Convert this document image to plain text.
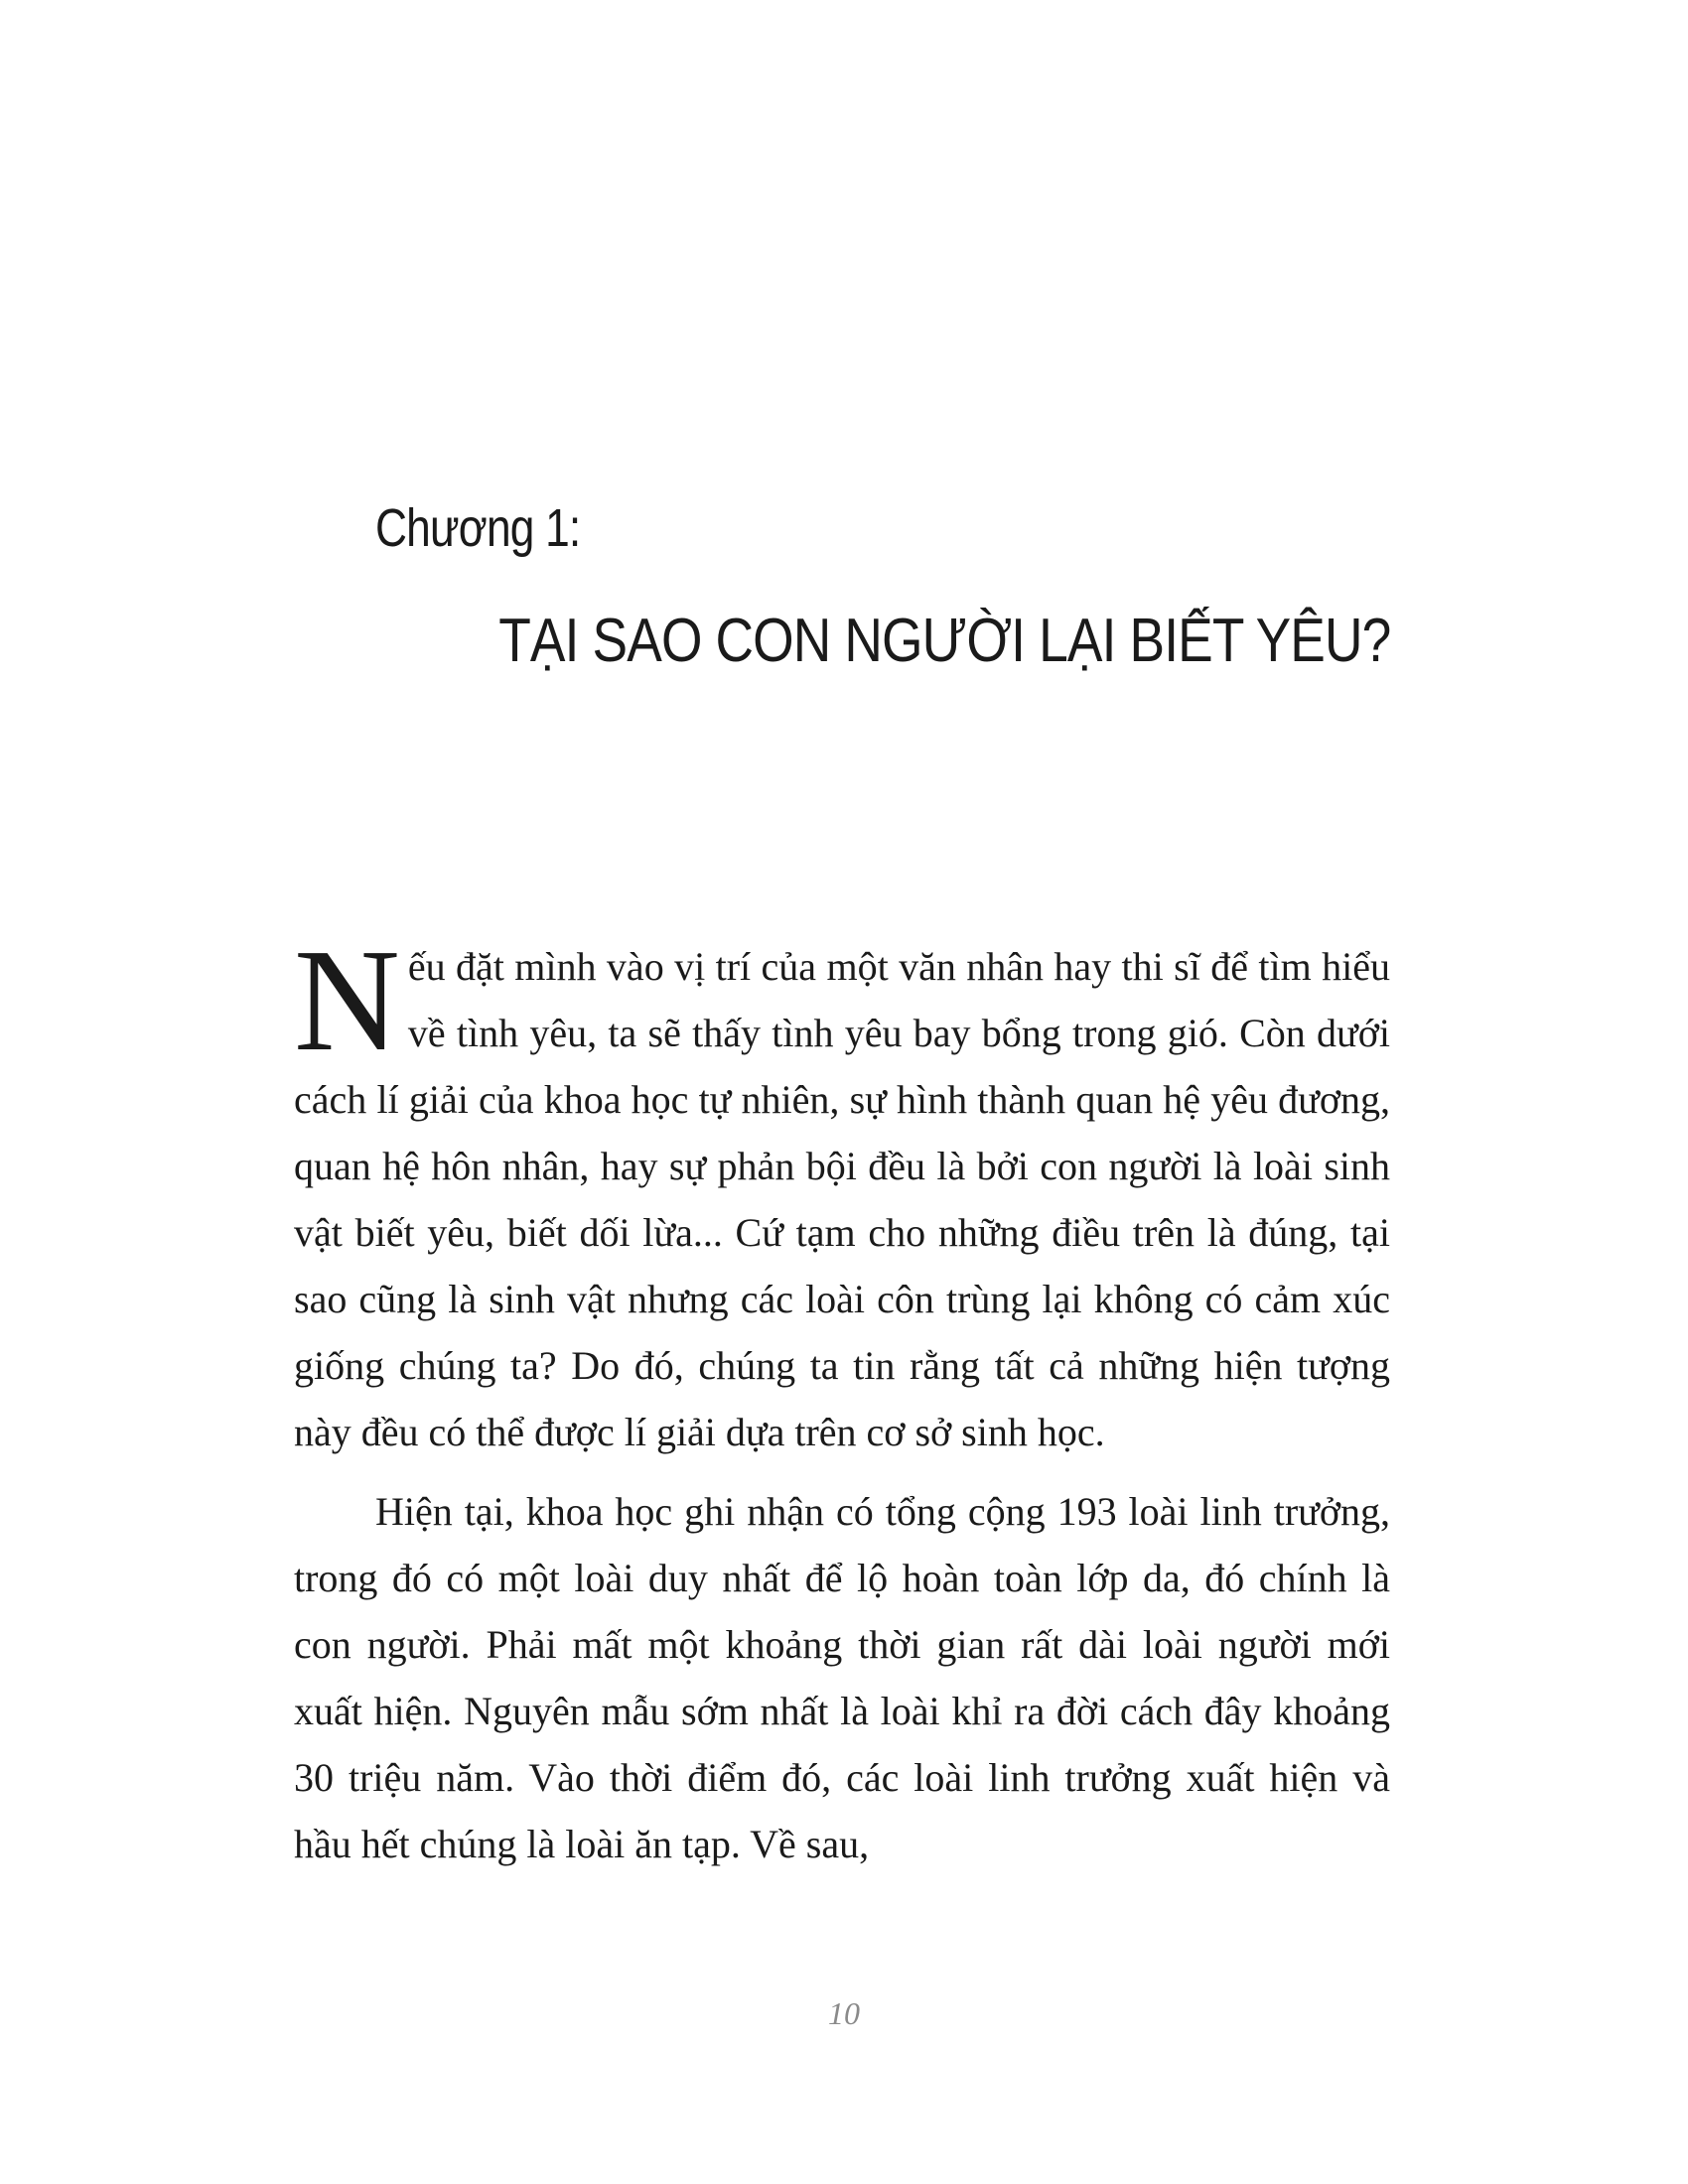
Chương 1:
TẠI SAO CON NGƯỜI LẠI BIẾT YÊU?

Nếu đặt mình vào vị trí của một văn nhân hay thi sĩ để tìm hiểu về tình yêu, ta sẽ thấy tình yêu bay bổng trong gió. Còn dưới cách lí giải của khoa học tự nhiên, sự hình thành quan hệ yêu đương, quan hệ hôn nhân, hay sự phản bội đều là bởi con người là loài sinh vật biết yêu, biết dối lừa... Cứ tạm cho những điều trên là đúng, tại sao cũng là sinh vật nhưng các loài côn trùng lại không có cảm xúc giống chúng ta? Do đó, chúng ta tin rằng tất cả những hiện tượng này đều có thể được lí giải dựa trên cơ sở sinh học.

Hiện tại, khoa học ghi nhận có tổng cộng 193 loài linh trưởng, trong đó có một loài duy nhất để lộ hoàn toàn lớp da, đó chính là con người. Phải mất một khoảng thời gian rất dài loài người mới xuất hiện. Nguyên mẫu sớm nhất là loài khỉ ra đời cách đây khoảng 30 triệu năm. Vào thời điểm đó, các loài linh trưởng xuất hiện và hầu hết chúng là loài ăn tạp. Về sau,

10
